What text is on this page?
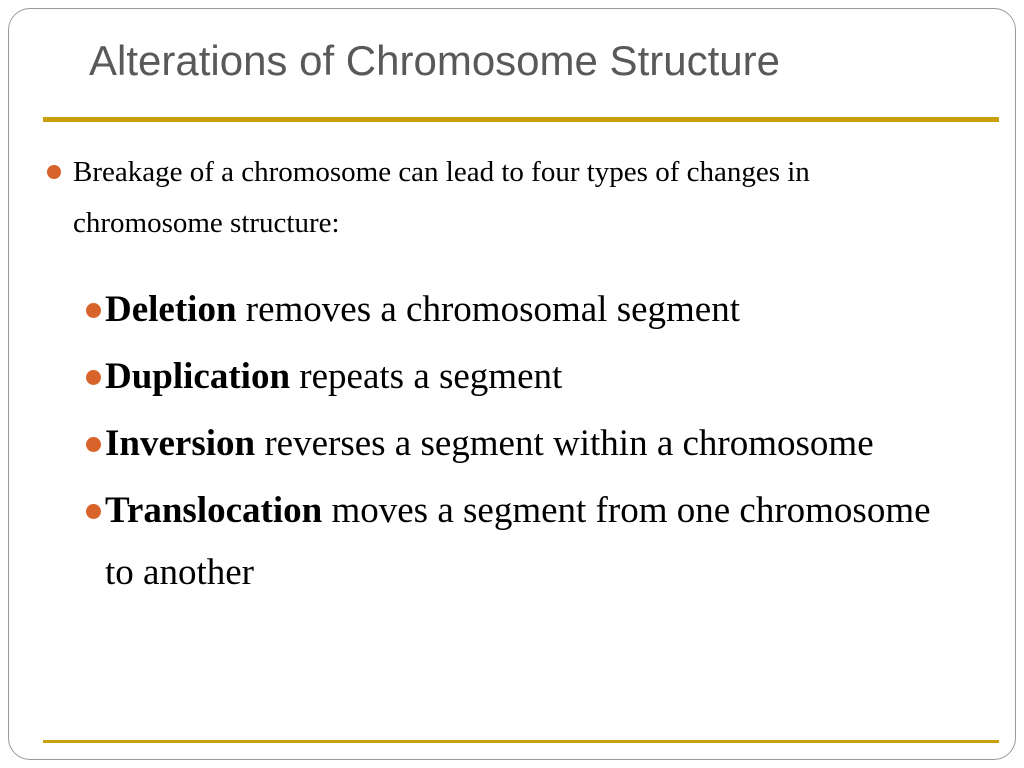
Alterations of Chromosome Structure
Breakage of a chromosome can lead to four types of changes in chromosome structure:
Deletion removes a chromosomal segment
Duplication repeats a segment
Inversion reverses a segment within a chromosome
Translocation moves a segment from one chromosome to another
